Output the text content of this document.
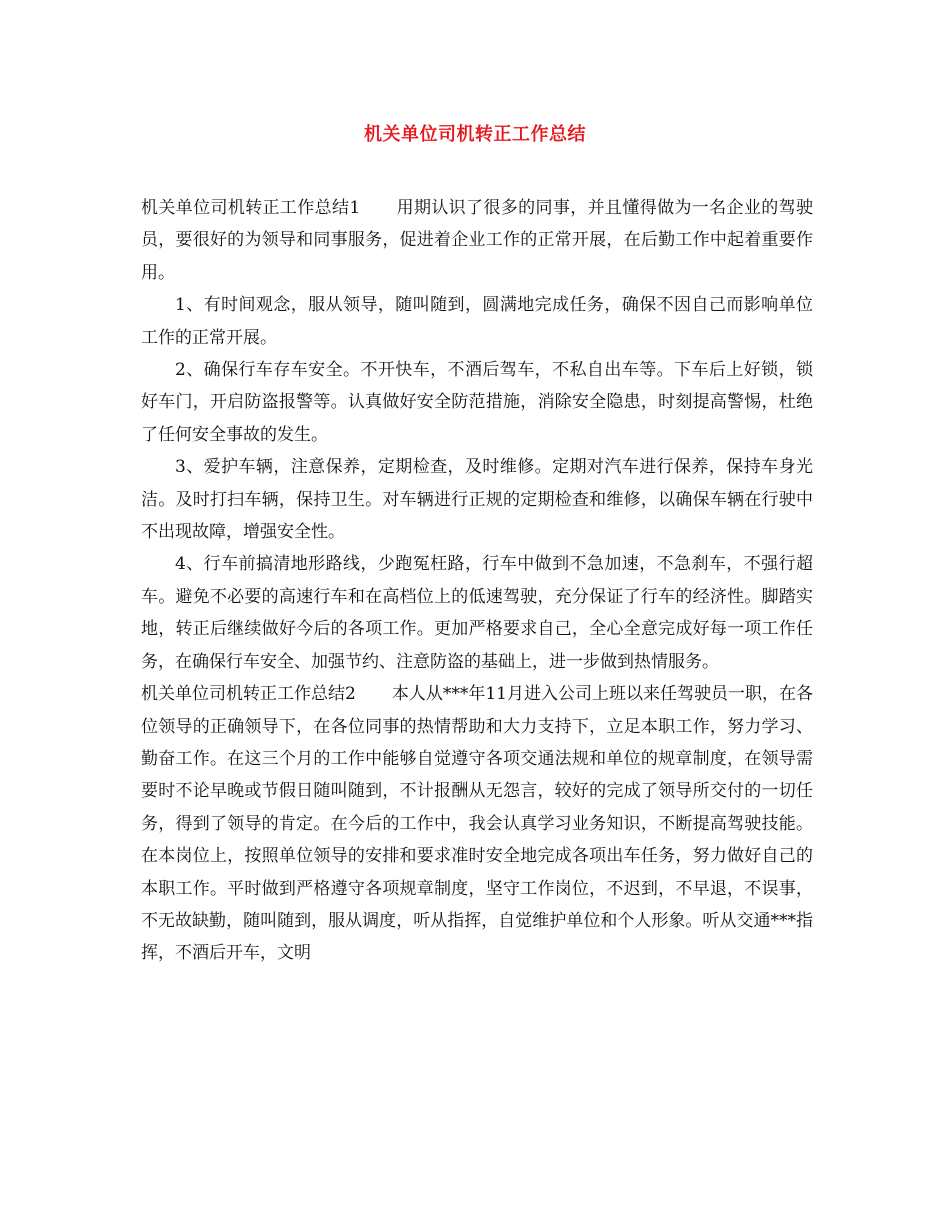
机关单位司机转正工作总结

机关单位司机转正工作总结1 用期认识了很多的同事，并且懂得做为一名企业的驾驶员，要很好的为领导和同事服务，促进着企业工作的正常开展，在后勤工作中起着重要作用。

1、有时间观念，服从领导，随叫随到，圆满地完成任务，确保不因自己而影响单位工作的正常开展。

2、确保行车存车安全。不开快车，不酒后驾车，不私自出车等。下车后上好锁，锁好车门，开启防盗报警等。认真做好安全防范措施，消除安全隐患，时刻提高警惕，杜绝了任何安全事故的发生。

3、爱护车辆，注意保养，定期检查，及时维修。定期对汽车进行保养，保持车身光洁。及时打扫车辆，保持卫生。对车辆进行正规的定期检查和维修，以确保车辆在行驶中不出现故障，增强安全性。

4、行车前搞清地形路线，少跑冤枉路，行车中做到不急加速，不急刹车，不强行超车。避免不必要的高速行车和在高档位上的低速驾驶，充分保证了行车的经济性。脚踏实地，转正后继续做好今后的各项工作。更加严格要求自己，全心全意完成好每一项工作任务，在确保行车安全、加强节约、注意防盗的基础上，进一步做到热情服务。

机关单位司机转正工作总结2 本人从***年11月进入公司上班以来任驾驶员一职，在各位领导的正确领导下，在各位同事的热情帮助和大力支持下，立足本职工作，努力学习、勤奋工作。在这三个月的工作中能够自觉遵守各项交通法规和单位的规章制度，在领导需要时不论早晚或节假日随叫随到，不计报酬从无怨言，较好的完成了领导所交付的一切任务，得到了领导的肯定。在今后的工作中，我会认真学习业务知识，不断提高驾驶技能。在本岗位上，按照单位领导的安排和要求准时安全地完成各项出车任务，努力做好自己的本职工作。平时做到严格遵守各项规章制度，坚守工作岗位，不迟到，不早退，不误事，不无故缺勤，随叫随到，服从调度，听从指挥，自觉维护单位和个人形象。听从交通***指挥，不酒后开车，文明
